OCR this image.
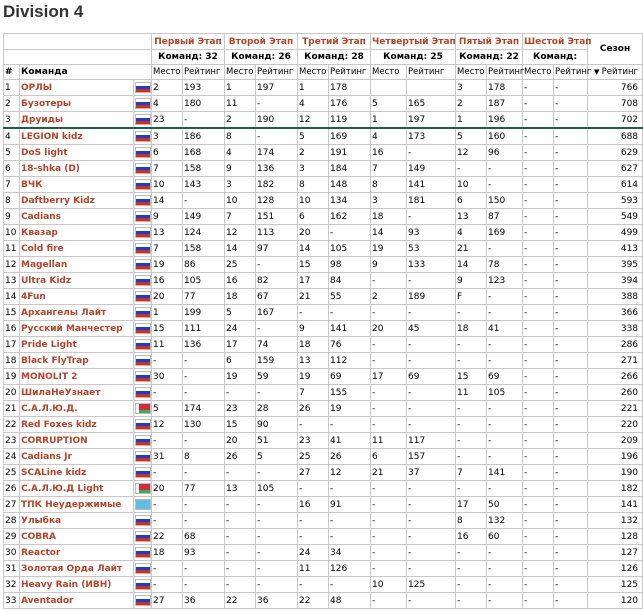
Division 4
			Первый Этап		Второй Этап		Третий Этап		Четвертый Этап		Пятый Этап		Шестой Этап		Сезон
			Команд: 32		Команд: 26		Команд: 28		Команд: 25		Команд: 22		Команд:		
#	Команда		Место	Рейтинг	Место	Рейтинг	Место	Рейтинг	Место	Рейтинг	Место	Рейтинг	Место	Рейтинг	▼ Рейтинг
1	ОРЛЫ		2	193	1	197	1	178			3	178	-	-	766
2	Бузотеры		4	180	11	-	4	176	5	165	2	187	-	-	708
3	Друиды		23	-	2	190	12	119	1	197	1	196	-	-	702
4	LEGION kidz		3	186	8	-	5	169	4	173	5	160	-	-	688
5	DoS light		6	168	4	174	2	191	16	-	12	96	-	-	629
6	18-shka (D)		7	158	9	136	3	184	7	149	-	-	-	-	627
7	ВЧК		10	143	3	182	8	148	8	141	10	-	-	-	614
8	Daftberry Kidz		14	-	10	128	10	134	3	181	6	150	-	-	593
9	Cadians		9	149	7	151	6	162	18	-	13	87	-	-	549
10	Квазар		13	124	12	113	20	-	14	93	4	169	-	-	499
11	Cold fire		7	158	14	97	14	105	19	53	21	-	-	-	413
12	Magellan		19	86	25	-	15	98	9	133	14	78	-	-	395
13	Ultra Kidz		16	105	16	82	17	84	-	-	9	123	-	-	394
14	4Fun		20	77	18	67	21	55	2	189	F	-	-	-	388
15	Архангелы Лайт		1	199	5	167	-	-	-	-	-	-	-	-	366
16	Русский Манчестер		15	111	24	-	9	141	20	45	18	41	-	-	338
17	Pride Light		11	136	17	74	18	76	-	-	-	-	-	-	286
18	Black FlyTrap		-	-	6	159	13	112	-	-	-	-	-	-	271
19	MONOLIT 2		30	-	19	59	19	69	17	69	15	69	-	-	266
20	ШилаНеУзнает		-	-	-	-	7	155	-	-	11	105	-	-	260
21	С.А.Л.Ю.Д.		5	174	23	28	26	19	-	-	-	-	-	-	221
22	Red Foxes kidz		12	130	15	90	-	-	-	-	-	-	-	-	220
23	CORRUPTION		-	-	20	51	23	41	11	117	-	-	-	-	209
24	Cadians Jr		31	8	26	5	25	26	6	157	-	-	-	-	196
25	SCALine kidz		-	-	-	-	27	12	21	37	7	141	-	-	190
26	С.А.Л.Ю.Д Light		20	77	13	105	-	-	-	-	-	-	-	-	182
27	ТПК Неудержимые		-	-	-	-	16	91	-	-	17	50	-	-	141
28	Улыбка		-	-	-	-	-	-	-	-	8	132	-	-	132
29	COBRA		22	68	-	-	-	-	-	-	16	60	-	-	128
30	Reactor		18	93	-	-	24	34	-	-	-	-	-	-	127
31	Золотая Орда Лайт		-	-	-	-	11	126	-	-	-	-	-	-	126
32	Heavy Rain (ИВН)		-	-	-	-	-	-	10	125	-	-	-	-	125
33	Aventador		27	36	22	36	22	48	-	-	-	-	-	-	120
